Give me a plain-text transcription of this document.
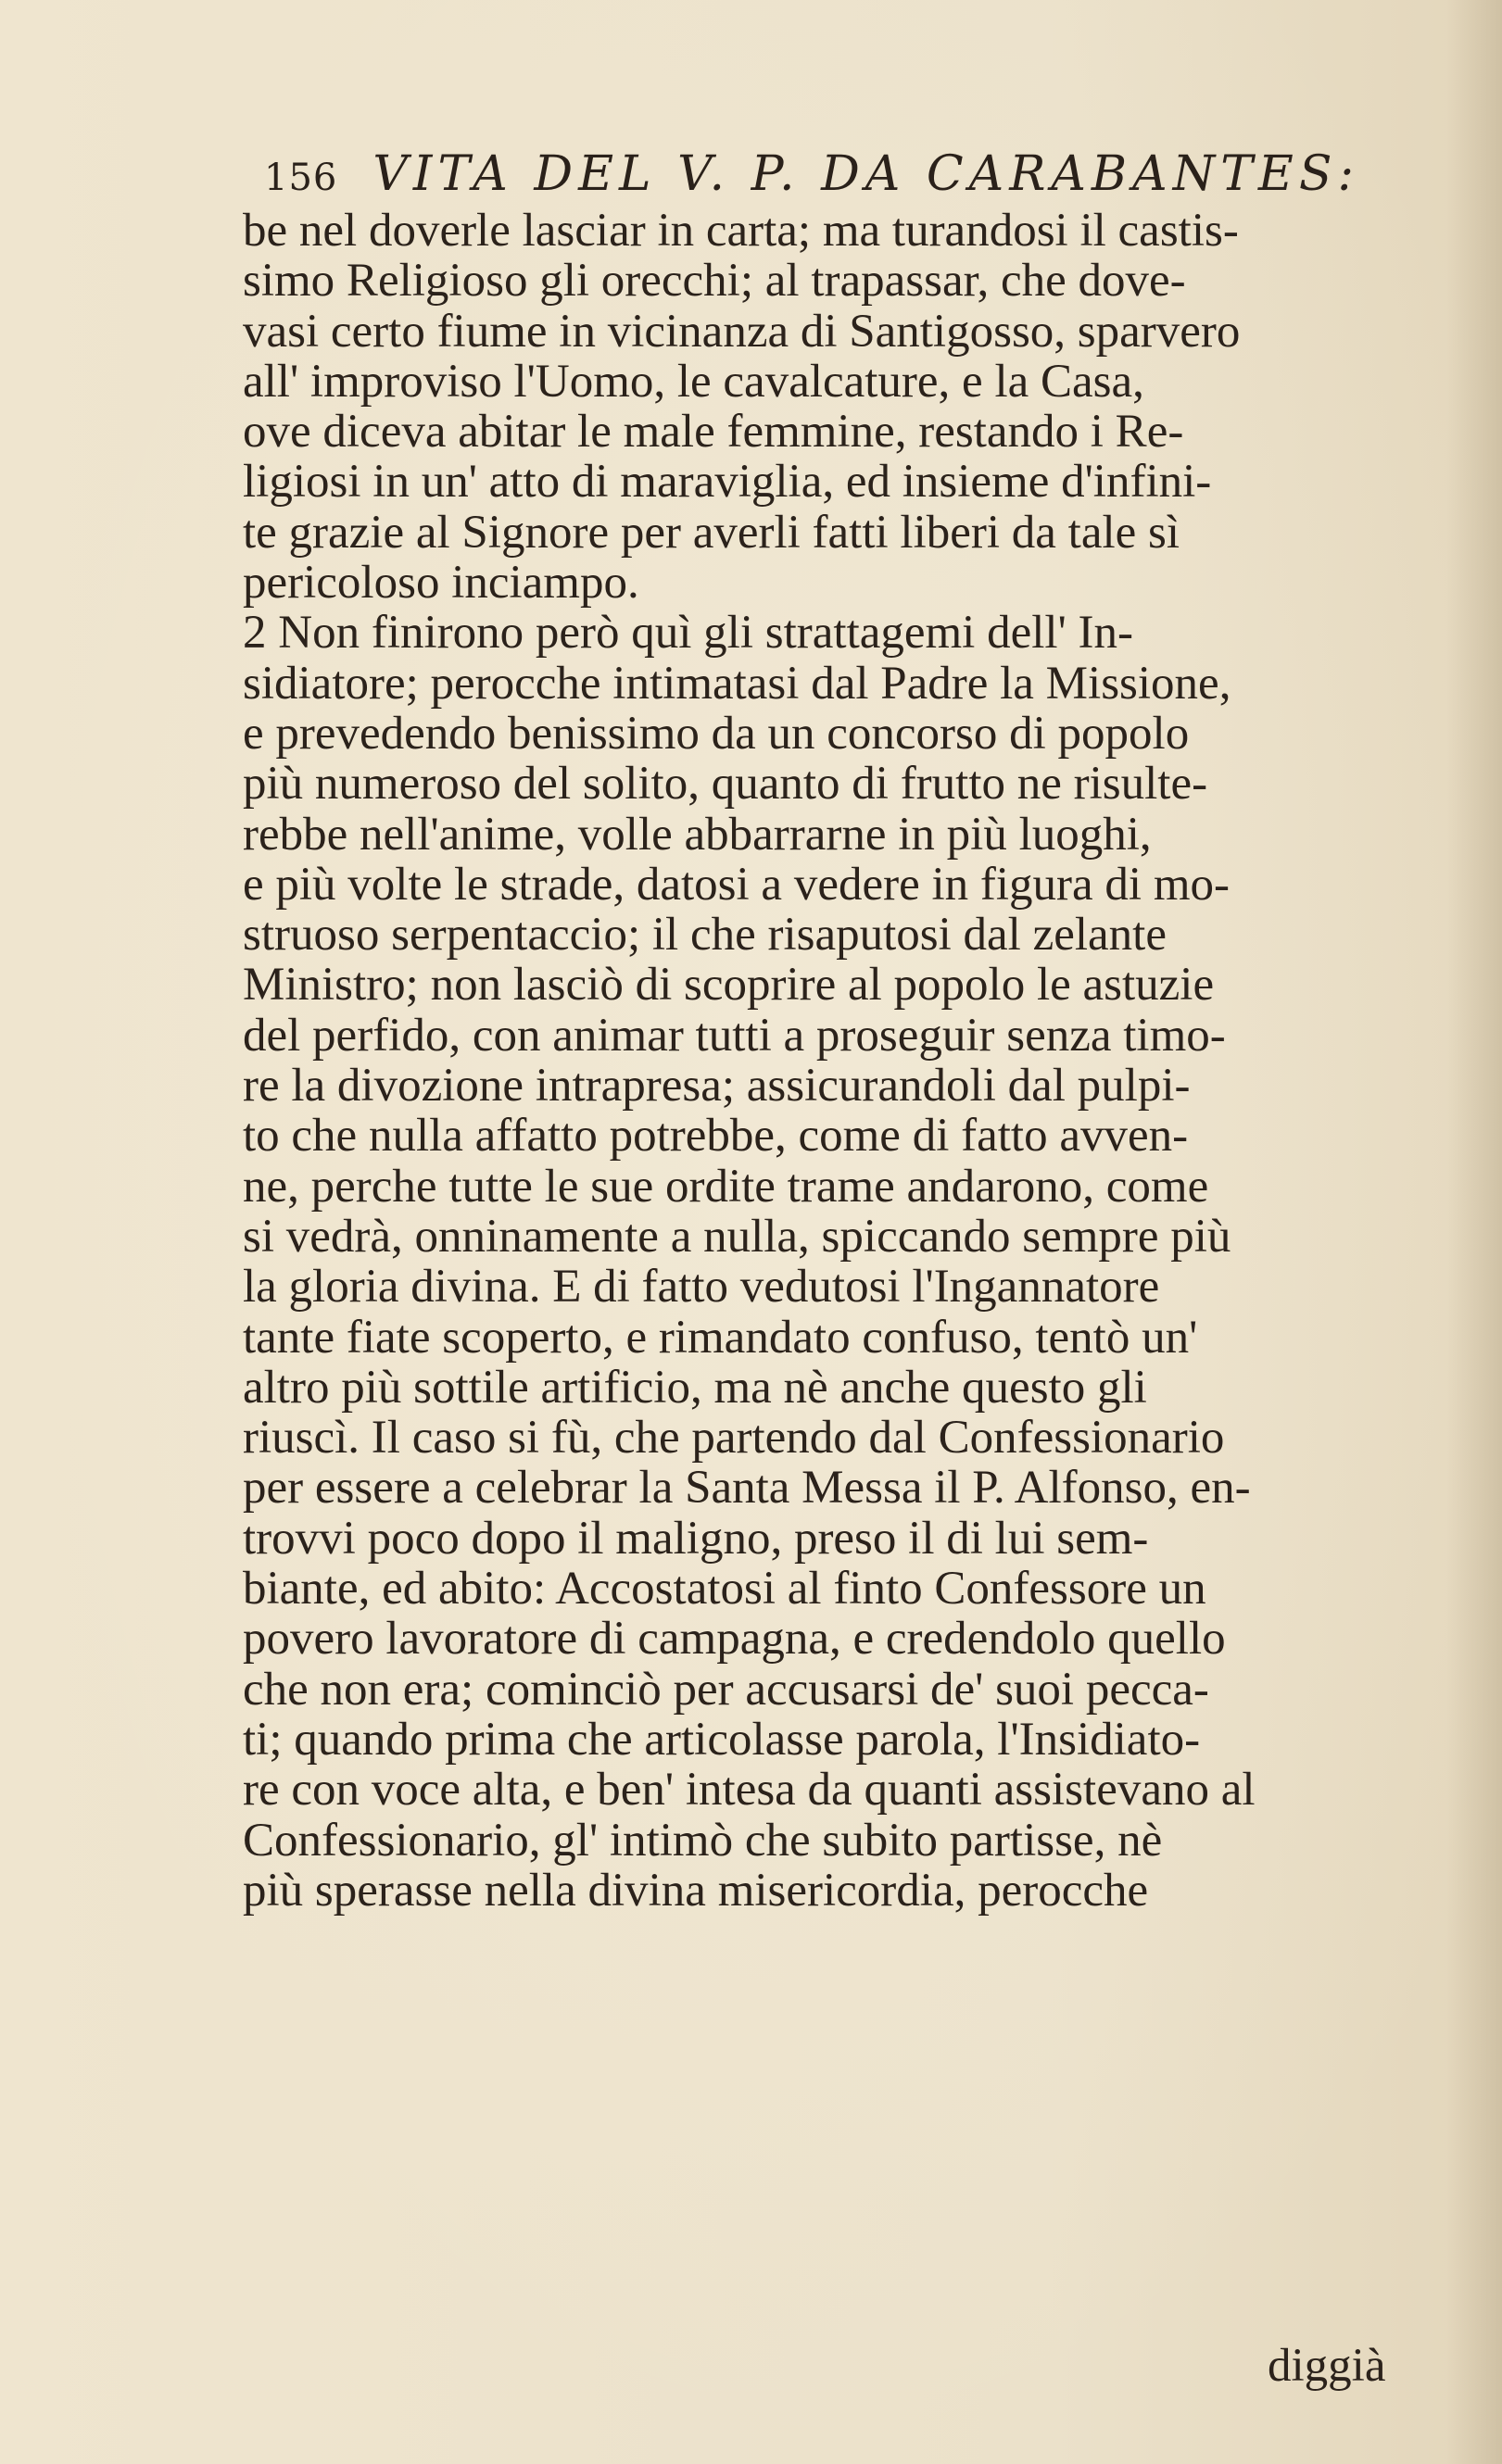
156 VITA DEL V. P. DA CARABANTES:
be nel doverle lasciar in carta; ma turandosi il castis-
simo Religioso gli orecchi; al trapassar, che dove-
vasi certo fiume in vicinanza di Santigosso, sparvero
all' improviso l'Uomo, le cavalcature, e la Casa,
ove diceva abitar le male femmine, restando i Re-
ligiosi in un' atto di maraviglia, ed insieme d'infini-
te grazie al Signore per averli fatti liberi da tale sì
pericoloso inciampo.
2 Non finirono però quì gli strattagemi dell' In-
sidiatore; perocche intimatasi dal Padre la Missione,
e prevedendo benissimo da un concorso di popolo
più numeroso del solito, quanto di frutto ne risulte-
rebbe nell'anime, volle abbarrarne in più luoghi,
e più volte le strade, datosi a vedere in figura di mo-
struoso serpentaccio; il che risaputosi dal zelante
Ministro; non lasciò di scoprire al popolo le astuzie
del perfido, con animar tutti a proseguir senza timo-
re la divozione intrapresa; assicurandoli dal pulpi-
to che nulla affatto potrebbe, come di fatto avven-
ne, perche tutte le sue ordite trame andarono, come
si vedrà, onninamente a nulla, spiccando sempre più
la gloria divina. E di fatto vedutosi l'Ingannatore
tante fiate scoperto, e rimandato confuso, tentò un'
altro più sottile artificio, ma nè anche questo gli
riuscì. Il caso si fù, che partendo dal Confessionario
per essere a celebrar la Santa Messa il P. Alfonso, en-
trovvi poco dopo il maligno, preso il di lui sem-
biante, ed abito: Accostatosi al finto Confessore un
povero lavoratore di campagna, e credendolo quello
che non era; cominciò per accusarsi de' suoi pecca-
ti; quando prima che articolasse parola, l'Insidiato-
re con voce alta, e ben' intesa da quanti assistevano al
Confessionario, gl' intimò che subito partisse, nè
più sperasse nella divina misericordia, perocche
diggià
